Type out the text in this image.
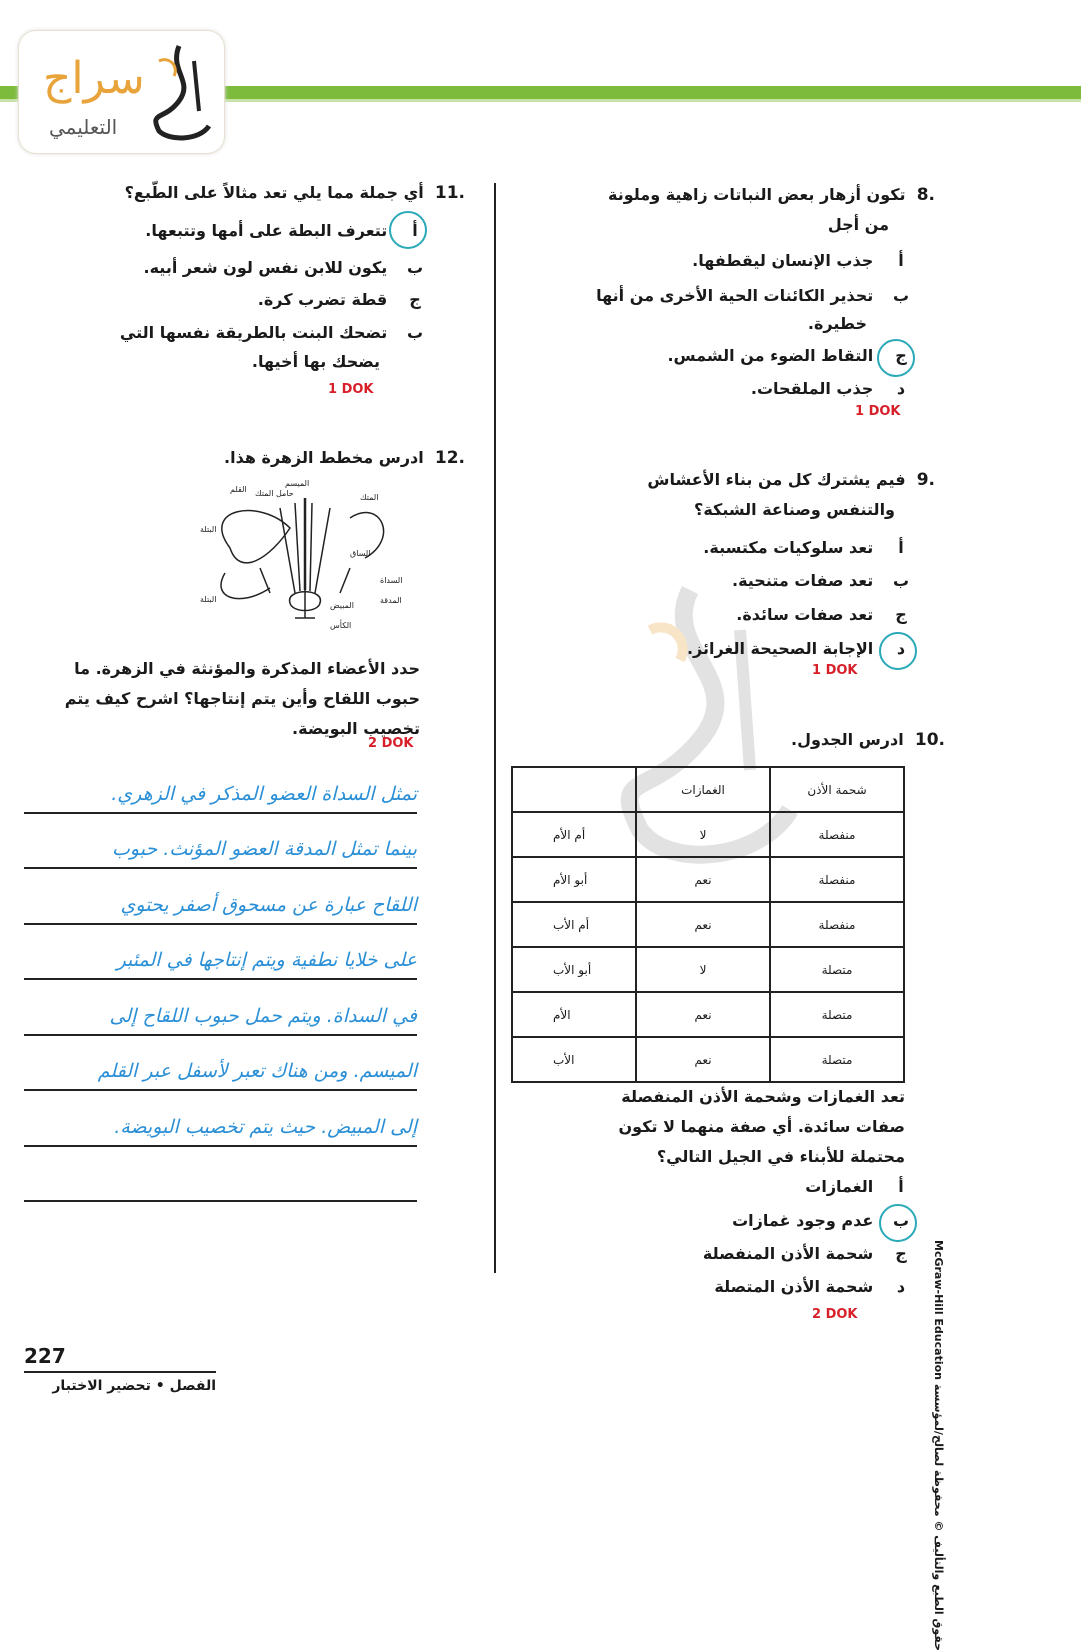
سراج
التعليمي
.8  تكون أزهار بعض النباتات زاهية وملونة
من أجل
أ   جذب الإنسان ليقطفها.
ب   تحذير الكائنات الحية الأخرى من أنها
خطيرة.
ج   التقاط الضوء من الشمس.
د   جذب الملقحات.
1 DOK
.9  فيم يشترك كل من بناء الأعشاش
والتنفس وصناعة الشبكة؟
أ   تعد سلوكيات مكتسبة.
ب   تعد صفات متنحية.
ج   تعد صفات سائدة.
د   الإجابة الصحيحة الغرائز.
1 DOK
.10  ادرس الجدول.
شحمة الأذن	الغمازات	
منفصلة	لا	أم الأم
منفصلة	نعم	أبو الأم
منفصلة	نعم	أم الأب
متصلة	لا	أبو الأب
متصلة	نعم	الأم
متصلة	نعم	الأب
تعد الغمازات وشحمة الأذن المنفصلة
صفات سائدة. أي صفة منهما لا تكون
محتملة للأبناء في الجيل التالي؟
أ   الغمازات
ب   عدم وجود غمازات
ج   شحمة الأذن المنفصلة
د   شحمة الأذن المتصلة
2 DOK
.11  أي جملة مما يلي تعد مثالاً على الطّبع؟
أ   تتعرف البطة على أمها وتتبعها.
ب   يكون للابن نفس لون شعر أبيه.
ج   قطة تضرب كرة.
ب   تضحك البنت بالطريقة نفسها التي
يضحك بها أخيها.
1 DOK
.12  ادرس مخطط الزهرة هذا.
الميسم
حامل المتك	المتك
القلم
البتلة
الكأس
الساق
المبيض
البتلة
السداة
المدقة
حدد الأعضاء المذكرة والمؤنثة في الزهرة. ما
حبوب اللقاح وأين يتم إنتاجها؟ اشرح كيف يتم
تخصيب البويضة.
2 DOK
تمثل السداة العضو المذكر في الزهري.
بينما تمثل المدقة العضو المؤنث. حبوب
اللقاح عبارة عن مسحوق أصفر يحتوي
على خلايا نطفية ويتم إنتاجها في المئبر
في السداة. ويتم حمل حبوب اللقاح إلى
الميسم. ومن هناك تعبر لأسفل عبر القلم
إلى المبيض. حيث يتم تخصيب البويضة.
حقوق الطبع والتأليف © محفوظة لصالح/لمؤسسة McGraw-Hill Education
227
الفصل • تحضير الاختبار
